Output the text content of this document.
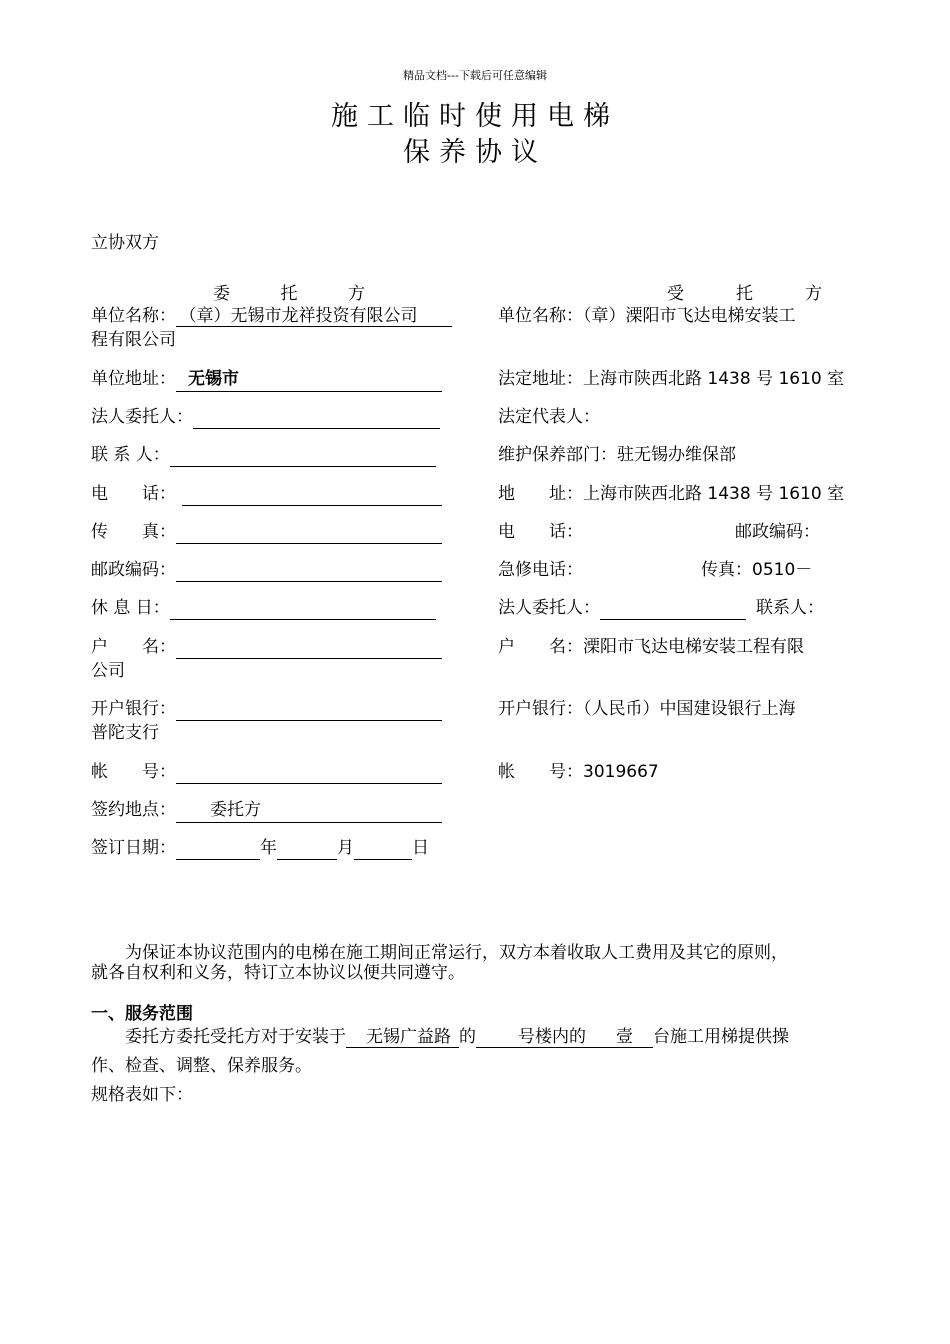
精品文档---下载后可任意编辑
施工临时使用电梯
保养协议
立协双方
委	托	方	受	托	方
单位名称： （章）无锡市龙祥投资有限公司	单位名称：（章）溧阳市飞达电梯安装工
程有限公司
单位地址： 无锡市	法定地址：上海市陕西北路 1438 号 1610 室
法人委托人：	法定代表人：
联 系 人：	维护保养部门：驻无锡办维保部
电　　话：	地　　址：上海市陕西北路 1438 号 1610 室
传　　真：	电　　话：	邮政编码：
邮政编码：	急修电话：	传真：0510－
休 息 日：	法人委托人：	联系人：
户　　名：	户　　名：溧阳市飞达电梯安装工程有限
公司
开户银行：	开户银行：（人民币）中国建设银行上海
普陀支行
帐　　号：	帐　　号：3019667
签约地点： 委托方
签订日期：	年	月	日
为保证本协议范围内的电梯在施工期间正常运行，双方本着收取人工费用及其它的原则，
就各自权利和义务，特订立本协议以便共同遵守。
一、服务范围
委托方委托受托方对于安装于 无锡广益路 的 号楼内的 壹 台施工用梯提供操
作、检查、调整、保养服务。
规格表如下：
